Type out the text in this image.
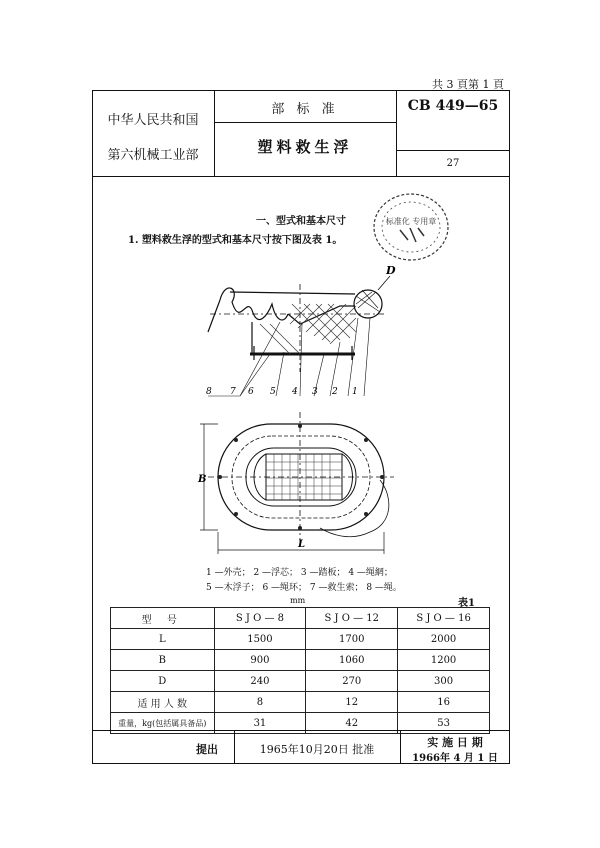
共 3 頁第 1 頁
中华人民共和国
第六机械工业部
部 标 准
塑料救生浮
CB 449—65
27
一、型式和基本尺寸
1. 塑料救生浮的型式和基本尺寸按下图及表 1。
标准化 专用章
D
8 7 6 5 4 3 2 1
B
L
1 —外壳； 2 —浮芯； 3 —踏板； 4 —绳網；
5 —木浮子； 6 —绳环； 7 —救生索； 8 —绳。
mm	表1
型 号	S J O — 8	S J O — 12	S J O — 16
L	1500	1700	2000
B	900	1060	1200
D	240	270	300
适 用 人 数	8	12	16
重量，kg(包括属具备品)	31	42	53
提出	1965年10月20日 批准
实 施 日 期
1966年 4 月 1 日
